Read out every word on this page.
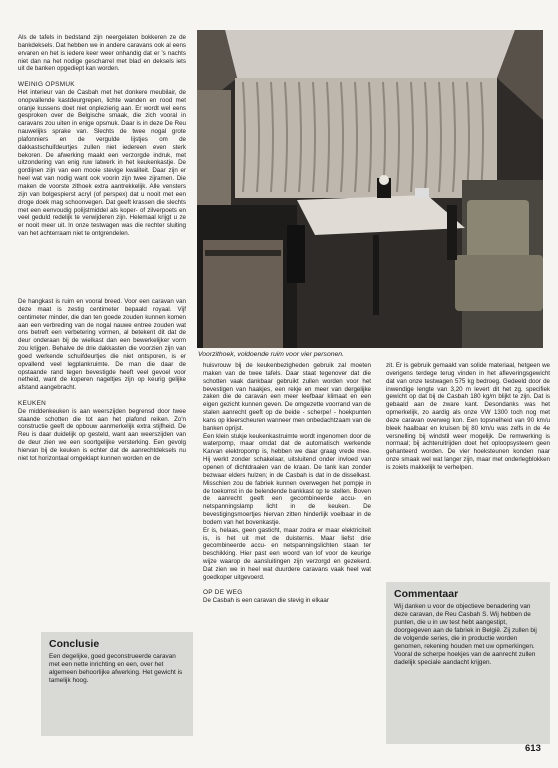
Als de tafels in bedstand zijn neergelaten bokkeren ze de bankdeksels. Dat hebben we in andere caravans ook al eens ervaren en het is iedere keer weer onhandig dat er 's nachts niet dan na het nodige gescharrel met blad en deksels iets uit de banken opgediept kan worden.

WEINIG OPSMUK

Het interieur van de Casbah met het donkere meubilair, de onopvallende kastdeurgrepen, lichte wanden en rood met oranje kussens doet niet onplezierig aan. Er wordt wel eens gesproken over de Belgische smaak, die zich vooral in caravans zou uiten in enige opsmuk. Daar is in deze De Reu nauwelijks sprake van. Slechts de twee nogal grote plafonniers en de vergulde lijstjes om de dakkastschuifdeurtjes zullen niet iedereen even sterk bekoren. De afwerking maakt een verzorgde indruk, met uitzondering van enig ruw latwerk in het keukenkastje. De gordijnen zijn van een mooie stevige kwaliteit. Daar zijn er heel wat van nodig want ook voorin zijn twee zijramen. Die maken de voorste zithoek extra aantrekkelijk. Alle vensters zijn van bolgespierst acryl (of perspex) dat u nooit met een droge doek mag schoonvegen. Dat geeft krassen die slechts met een eenvoudig polijstmiddel als koper- of zilverpoets en veel geduld redelijk te verwijderen zijn. Helemaal krijgt u ze er nooit meer uit. In onze testwagen was die rechter sluiting van het achterraam niet te ontgrendelen.

De hangkast is ruim en vooral breed. Voor een caravan van deze maat is zestig centimeter bepaald royaal. Vijf centimeter minder, die dan ten goede zouden kunnen komen aan een verbreding van de nogal nauwe entree zouden wat ons betreft een verbetering vormen, al betekent dit dat de deur onderaan bij de wielkast dan een bewerkelijker vorm zou krijgen. Behalve de drie dakkasten die voorzien zijn van goed werkende schuifdeurtjes die niet ontsporen, is er opvallend veel legplankruimte. De man die daar de opstaande rand tegen bevestigde heeft veel gevoel voor netheid, want de koperen nageltjes zijn op keurig gelijke afstand aangebracht.

KEUKEN

De middenkeuken is aan weerszijden begrensd door twee staande schotten die tot aan het plafond reiken. Zo'n constructie geeft de opbouw aanmerkelijk extra stijfheid. De Reu is daar duidelijk op gesteld, want aan weerszijden van de deur zien we een soortgelijke versterking. Een gevolg hiervan bij de keuken is echter dat de aanrechtdeksels nu niet tot horizontaal omgeklapt kunnen worden en de

Voorzithoek, voldoende ruim voor vier personen.

huisvrouw bij de keukenbezigheden gebruik zal moeten maken van de twee tafels. Daar staat tegenover dat die schotten vaak dankbaar gebruikt zullen worden voor het bevestigen van haakjes, een rekje en meer van dergelijke zaken die de caravan een meer leefbaar klimaat en een eigen gezicht kunnen geven. De omgezette voorrand van de stalen aanrecht geeft op de beide - scherpe! - hoekpunten kans op kleerscheuren wanneer men onbedachtzaam van de banken oprijst.

Een klein stukje keukenkastruimte wordt ingenomen door de waterpomp, maar omdat dat de automatisch werkende Karvan elektropomp is, hebben we daar graag vrede mee. Hij werkt zonder schakelaar, uitsluitend onder invloed van openen of dichtdraaien van de kraan. De tank kan zonder bezwaar elders hulzen; in de Casbah is dat in de disselkast. Misschien zou de fabriek kunnen overwegen het pompje in de toekomst in de belendende bankkast op te stellen. Boven de aanrecht geeft een gecombineerde accu- en netspanningslamp licht in de keuken. De bevestigingsmoertjes hiervan zitten hinderlijk voelbaar in de bodem van het bovenkastje.

Er is, helaas, geen gasticht, maar zodra er maar elektriciteit is, is het uit met de duisternis. Maar liefst drie gecombineerde accu- en netspanningslichten staan ter beschikking. Hier past een woord van lof voor de keurige wijze waarop de aansluitingen zijn verzorgd en gezekerd. Dat zien we in heel wat duurdere caravans vaak heel wat goedkoper uitgevoerd.

OP DE WEG

De Casbah is een caravan die stevig in elkaar

zit. Er is gebruik gemaakt van solide materiaal, hetgeen we overigens terdege terug vinden in het afleveringsgewicht dat van onze testwagen 575 kg bedroeg. Gedeeld door de inwendige lengte van 3,20 m levert dit het zg. specifiek gewicht op dat bij de Casbah 180 kg/m blijkt te zijn. Dat is gebaald aan de zware kant. Desondanks was het opmerkelijk, zo aardig als onze VW 1300 toch nog met deze caravan overweg kon. Een topsnelheid van 90 km/u bleek haalbaar en kruisen bij 80 km/u was zelfs in de 4e versnelling bij windstil weer mogelijk. De remwerking is normaal; bij achteruitrijden doet het oploopsysteem geen gehanteerd worden. De vier hoeksteunen konden naar onze smaak wel wat langer zijn, maar met onderlegblokken is zoiets makkelijk te verhelpen.

Conclusie
Een degelijke, goed geconstrueerde caravan met een nette inrichting en een, over het algemeen behoorlijke afwerking. Het gewicht is tamelijk hoog.
Commentaar
Wij danken u voor de objectieve benadering van deze caravan, de Reu Casbah S. Wij hebben de punten, die u in uw test hebt aangestipt, doorgegeven aan de fabriek in België. Zij zullen bij de volgende series, die in productie worden genomen, rekening houden met uw opmerkingen. Vooral de scherpe hoekjes van de aanrecht zullen dadelijk speciale aandacht krijgen.
613
